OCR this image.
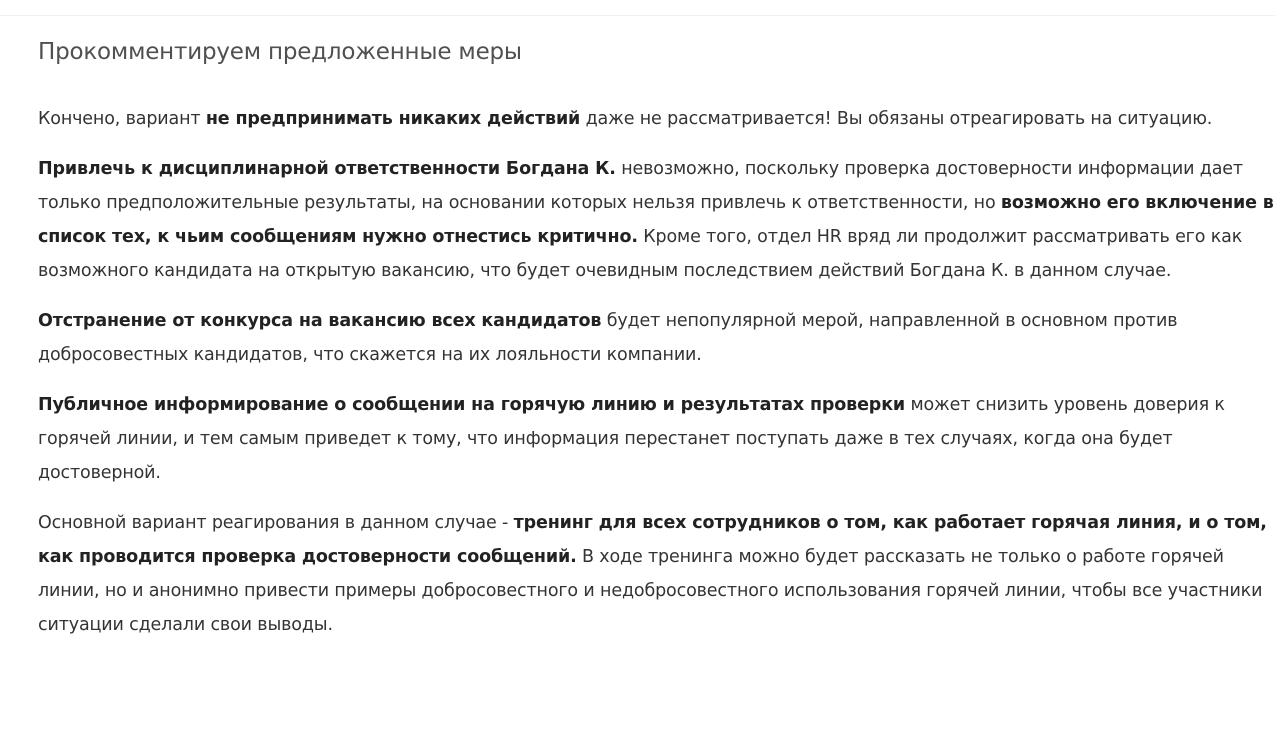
Прокомментируем предложенные меры

Кончено, вариант не предпринимать никаких действий даже не рассматривается! Вы обязаны отреагировать на ситуацию.

Привлечь к дисциплинарной ответственности Богдана К. невозможно, поскольку проверка достоверности информации дает только предположительные результаты, на основании которых нельзя привлечь к ответственности, но возможно его включение в список тех, к чьим сообщениям нужно отнестись критично. Кроме того, отдел HR вряд ли продолжит рассматривать его как возможного кандидата на открытую вакансию, что будет очевидным последствием действий Богдана К. в данном случае.

Отстранение от конкурса на вакансию всех кандидатов будет непопулярной мерой, направленной в основном против добросовестных кандидатов, что скажется на их лояльности компании.

Публичное информирование о сообщении на горячую линию и результатах проверки может снизить уровень доверия к горячей линии, и тем самым приведет к тому, что информация перестанет поступать даже в тех случаях, когда она будет достоверной.

Основной вариант реагирования в данном случае - тренинг для всех сотрудников о том, как работает горячая линия, и о том, как проводится проверка достоверности сообщений. В ходе тренинга можно будет рассказать не только о работе горячей линии, но и анонимно привести примеры добросовестного и недобросовестного использования горячей линии, чтобы все участники ситуации сделали свои выводы.
